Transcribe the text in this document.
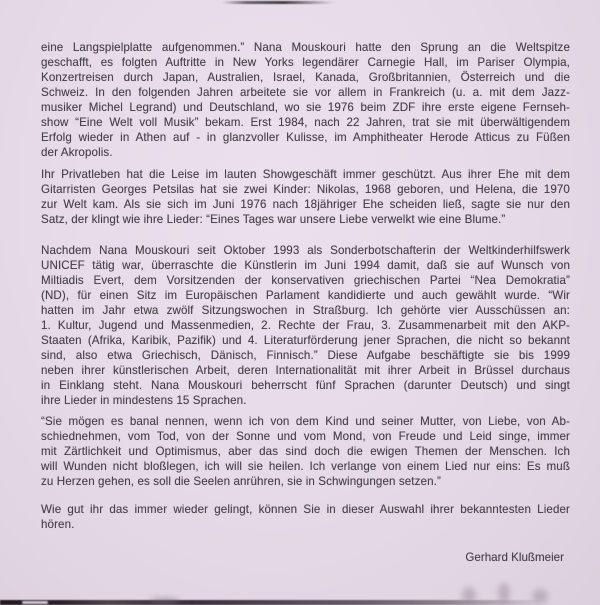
eine Langspielplatte aufgenommen.” Nana Mouskouri hatte den Sprung an die Weltspitze
geschafft, es folgten Auftritte in New Yorks legendärer Carnegie Hall, im Pariser Olympia,
Konzertreisen durch Japan, Australien, Israel, Kanada, Großbritannien, Österreich und die
Schweiz. In den folgenden Jahren arbeitete sie vor allem in Frankreich (u. a. mit dem Jazz-
musiker Michel Legrand) und Deutschland, wo sie 1976 beim ZDF ihre erste eigene Fernseh-
show “Eine Welt voll Musik” bekam. Erst 1984, nach 22 Jahren, trat sie mit überwältigendem
Erfolg wieder in Athen auf - in glanzvoller Kulisse, im Amphitheater Herode Atticus zu Füßen
der Akropolis.
Ihr Privatleben hat die Leise im lauten Showgeschäft immer geschützt. Aus ihrer Ehe mit dem
Gitarristen Georges Petsilas hat sie zwei Kinder: Nikolas, 1968 geboren, und Helena, die 1970
zur Welt kam. Als sie sich im Juni 1976 nach 18jähriger Ehe scheiden ließ, sagte sie nur den
Satz, der klingt wie ihre Lieder: “Eines Tages war unsere Liebe verwelkt wie eine Blume.”
Nachdem Nana Mouskouri seit Oktober 1993 als Sonderbotschafterin der Weltkinderhilfswerk
UNICEF tätig war, überraschte die Künstlerin im Juni 1994 damit, daß sie auf Wunsch von
Miltiadis Evert, dem Vorsitzenden der konservativen griechischen Partei “Nea Demokratia”
(ND), für einen Sitz im Europäischen Parlament kandidierte und auch gewählt wurde. “Wir
hatten im Jahr etwa zwölf Sitzungswochen in Straßburg. Ich gehörte vier Ausschüssen an:
1. Kultur, Jugend und Massenmedien, 2. Rechte der Frau, 3. Zusammenarbeit mit den AKP-
Staaten (Afrika, Karibik, Pazifik) und 4. Literaturförderung jener Sprachen, die nicht so bekannt
sind, also etwa Griechisch, Dänisch, Finnisch.” Diese Aufgabe beschäftigte sie bis 1999
neben ihrer künstlerischen Arbeit, deren Internationalität mit ihrer Arbeit in Brüssel durchaus
in Einklang steht. Nana Mouskouri beherrscht fünf Sprachen (darunter Deutsch) und singt
ihre Lieder in mindestens 15 Sprachen.
“Sie mögen es banal nennen, wenn ich von dem Kind und seiner Mutter, von Liebe, von Ab-
schiednehmen, vom Tod, von der Sonne und vom Mond, von Freude und Leid singe, immer
mit Zärtlichkeit und Optimismus, aber das sind doch die ewigen Themen der Menschen. Ich
will Wunden nicht bloßlegen, ich will sie heilen. Ich verlange von einem Lied nur eins: Es muß
zu Herzen gehen, es soll die Seelen anrühren, sie in Schwingungen setzen.”
Wie gut ihr das immer wieder gelingt, können Sie in dieser Auswahl ihrer bekanntesten Lieder
hören.
Gerhard Klußmeier
